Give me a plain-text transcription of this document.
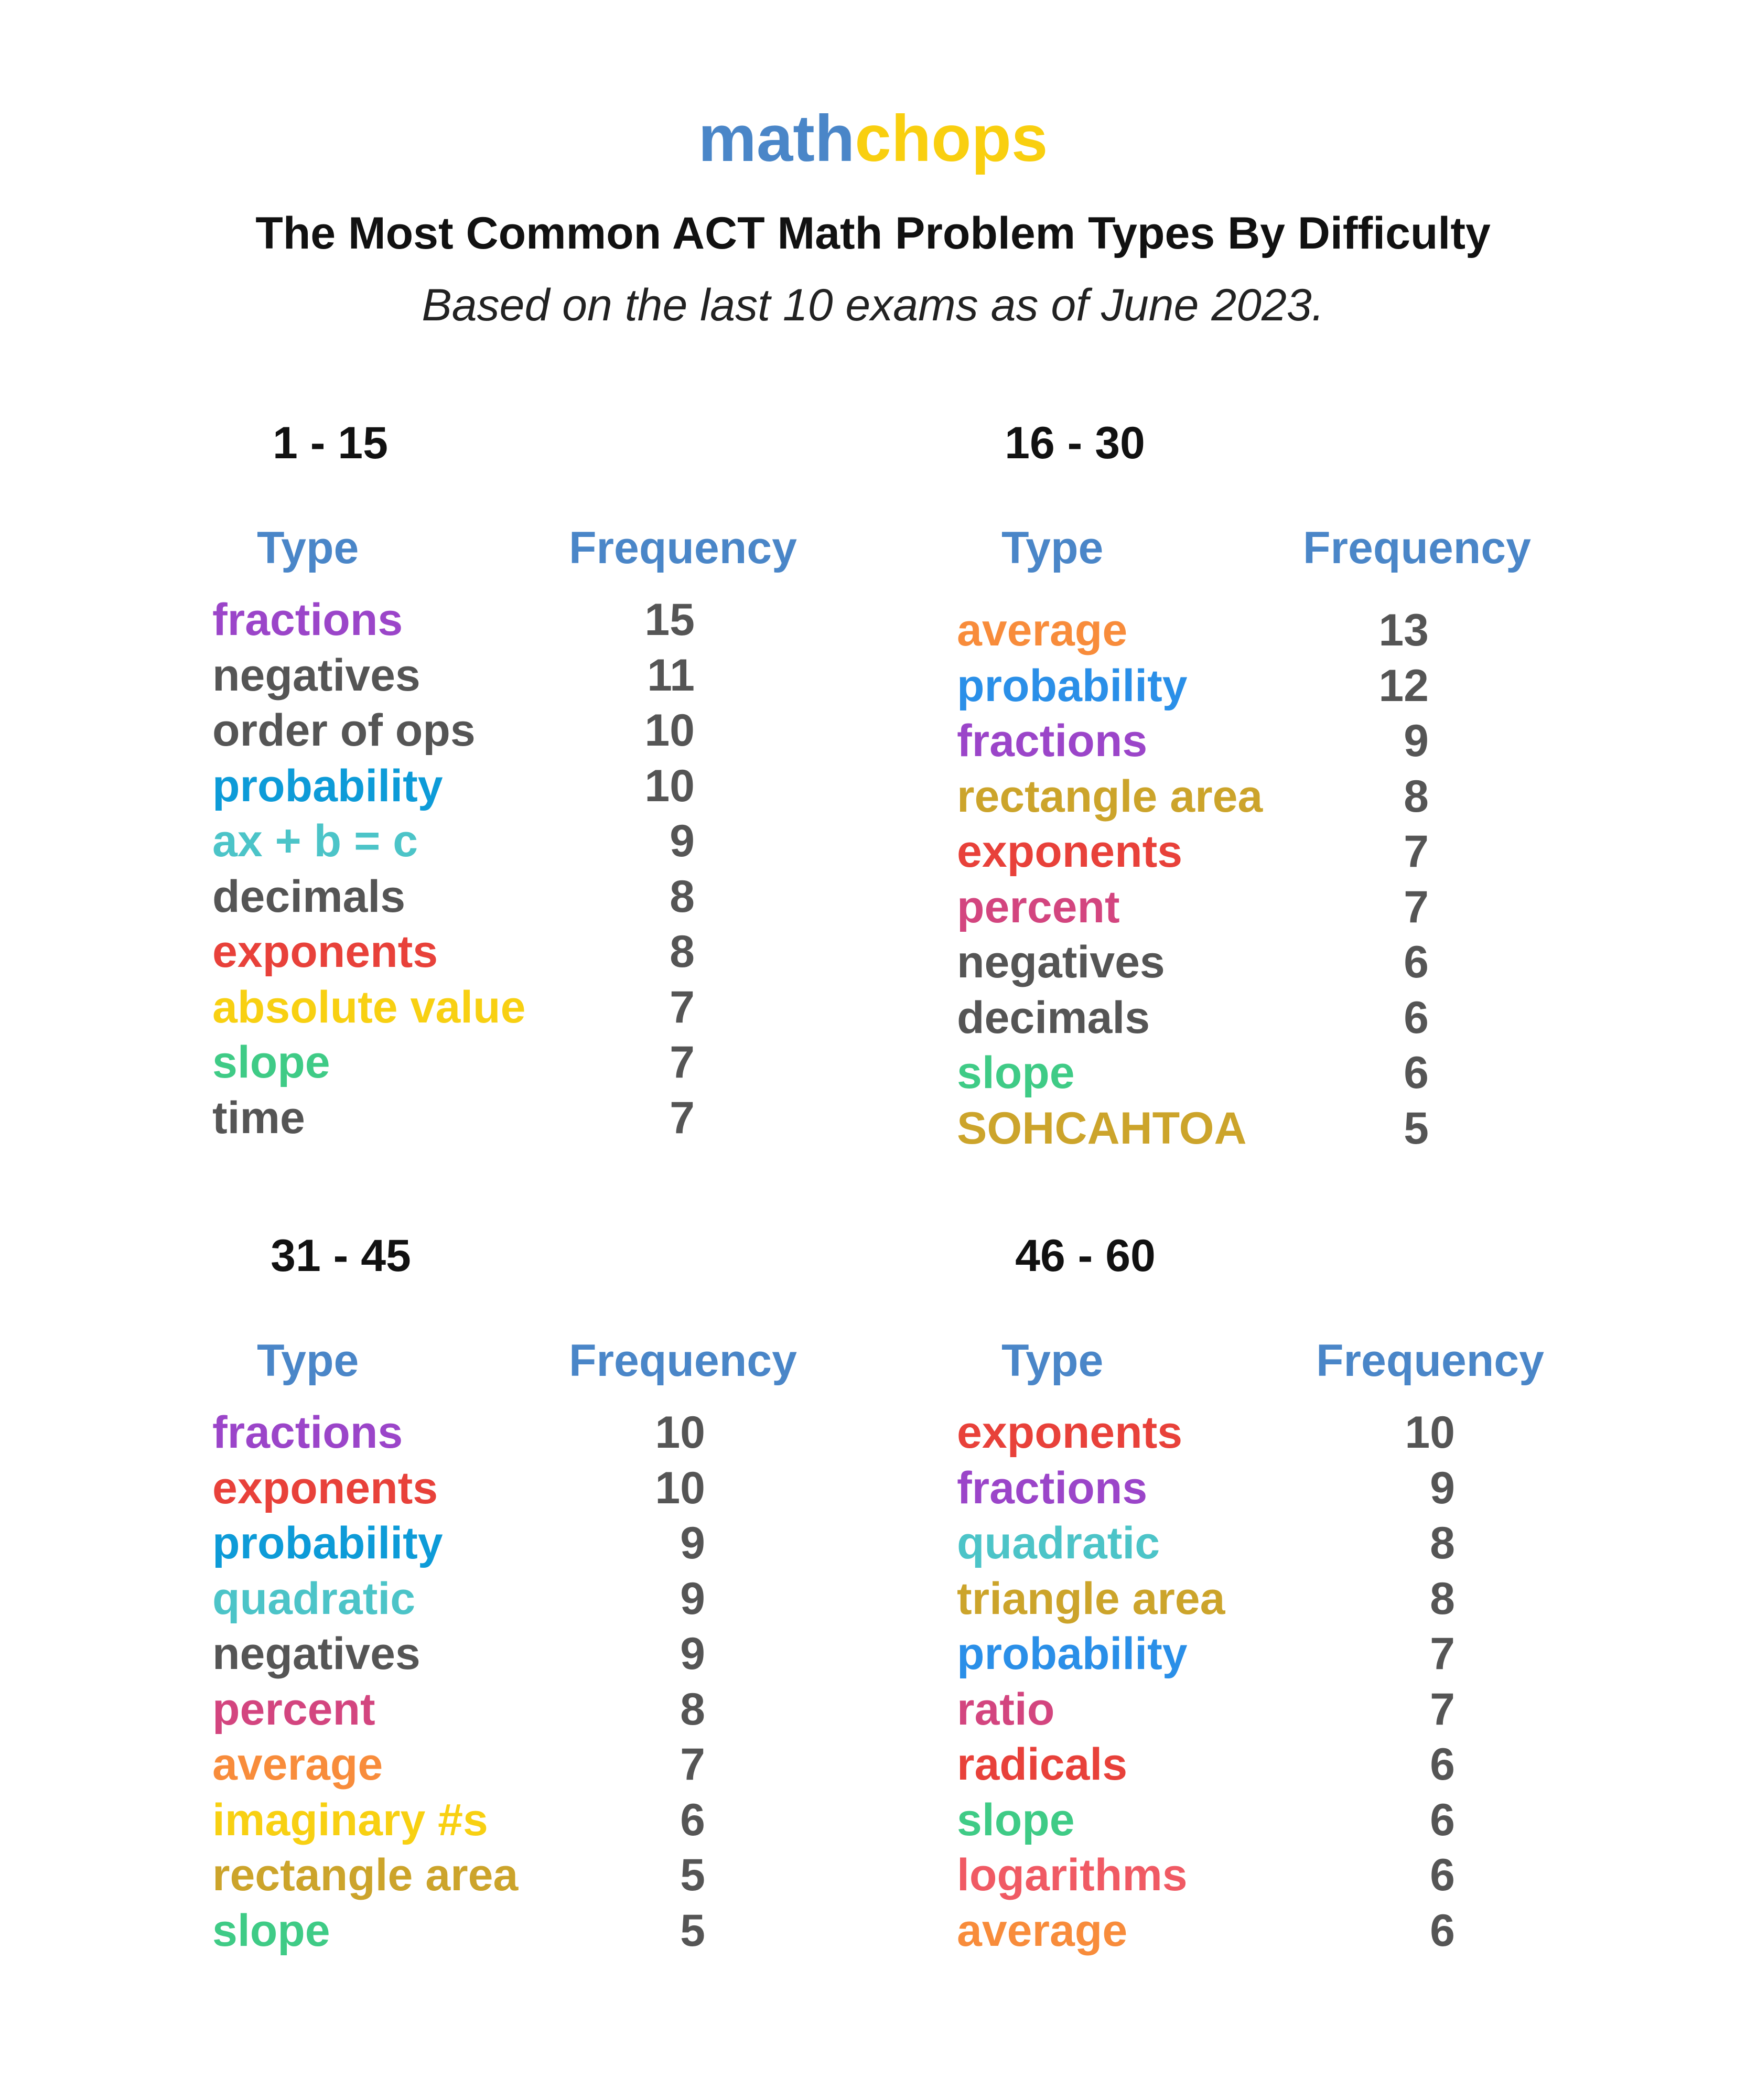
mathchops
The Most Common ACT Math Problem Types By Difficulty
Based on the last 10 exams as of June 2023.
1 - 15
Type	Frequency
fractions	15
negatives	11
order of ops	10
probability	10
ax + b = c	9
decimals	8
exponents	8
absolute value	7
slope	7
time	7
16 - 30
Type	Frequency
average	13
probability	12
fractions	9
rectangle area	8
exponents	7
percent	7
negatives	6
decimals	6
slope	6
SOHCAHTOA	5
31 - 45
Type	Frequency
fractions	10
exponents	10
probability	9
quadratic	9
negatives	9
percent	8
average	7
imaginary #s	6
rectangle area	5
slope	5
46 - 60
Type	Frequency
exponents	10
fractions	9
quadratic	8
triangle area	8
probability	7
ratio	7
radicals	6
slope	6
logarithms	6
average	6
